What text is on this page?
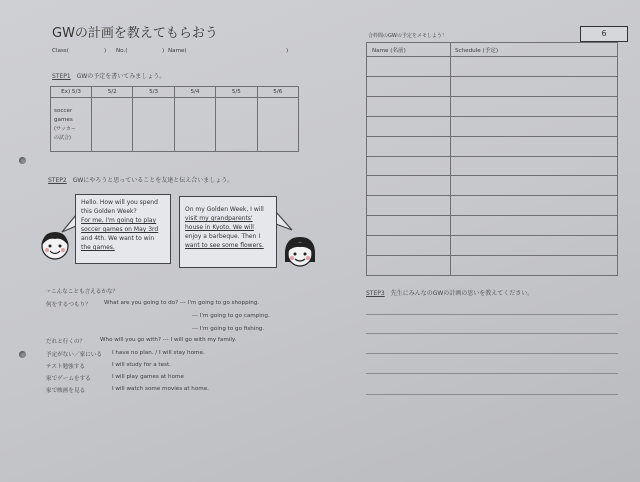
GWの計画を教えてもらおう
Class(	) No.(	) Name(	)
STEP1 GWの予定を書いてみましょう。
Ex) 5/3	5/2	5/3	5/4	5/5	5/6

soccer
games
(サッカー
の試合)					

STEP2 GWにやろうと思っていることを友達と伝え合いましょう。
Hello. How will you spend
this Golden Week?
For me, I'm going to play
soccer games on May 3rd
and 4th. We want to win
the games.
On my Golden Week, I will
visit my grandparents'
house in Kyoto. We will
enjoy a barbeque. Then I
want to see some flowers.
☞こんなことも言えるかな？
何をするつもり？ What are you going to do? --- I'm going to go shopping.
--- I'm going to go camping.
--- I'm going to go fishing.
だれと行くの？	Who will you go with? --- I will go with my family.
予定がない／家にいる I have no plan. / I will stay home.
テスト勉強する	I will study for a test.
家でゲームをする	I will play games at home
家で映画を見る	I will watch some movies at home.
6
合枠間のGWの予定をメモしよう！
Name (名前)	Schedule (予定)

STEP3 先生にみんなのGWの計画の思いを教えてください。
